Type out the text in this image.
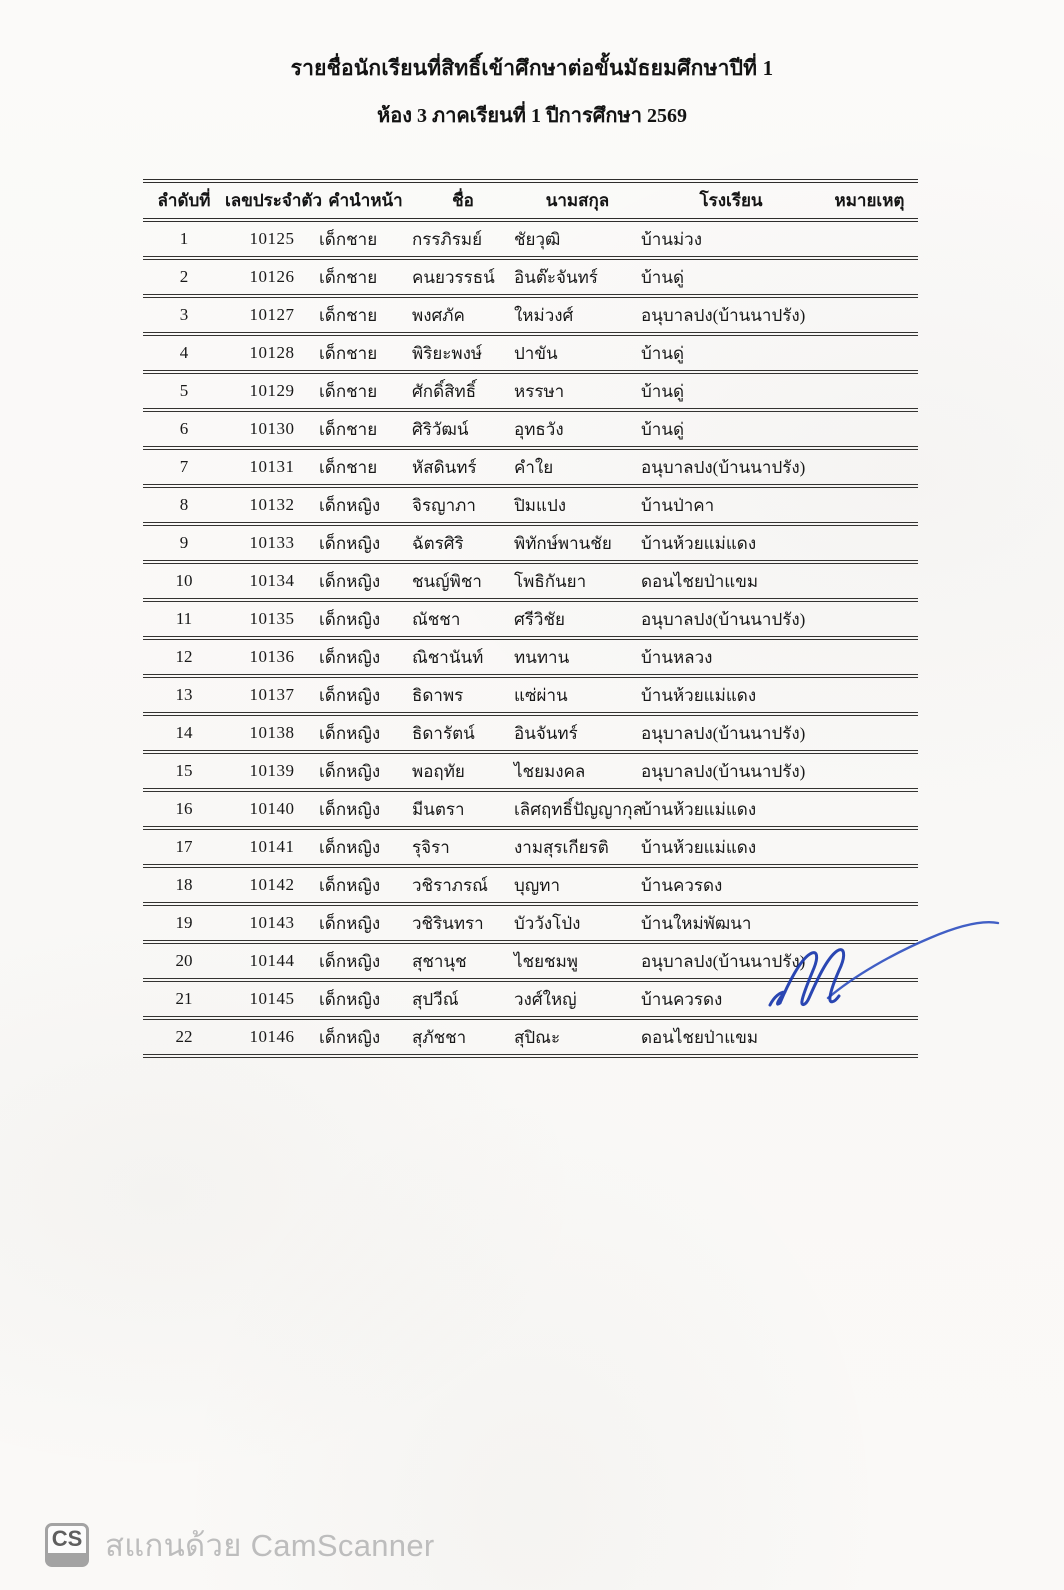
รายชื่อนักเรียนที่สิทธิ์เข้าศึกษาต่อขั้นมัธยมศึกษาปีที่ 1
ห้อง 3 ภาคเรียนที่ 1 ปีการศึกษา 2569
ลำดับที่	เลขประจำตัว	คำนำหน้า	ชื่อ	นามสกุล	โรงเรียน	หมายเหตุ
1	10125	เด็กชาย	กรรภิรมย์	ชัยวุฒิ	บ้านม่วง	
2	10126	เด็กชาย	คนยวรรธน์	อินต๊ะจันทร์	บ้านดู่	
3	10127	เด็กชาย	พงศภัค	ใหม่วงศ์	อนุบาลปง(บ้านนาปรัง)	
4	10128	เด็กชาย	พิริยะพงษ์	ปาขัน	บ้านดู่	
5	10129	เด็กชาย	ศักดิ์สิทธิ์	หรรษา	บ้านดู่	
6	10130	เด็กชาย	ศิริวัฒน์	อุทธวัง	บ้านดู่	
7	10131	เด็กชาย	หัสดินทร์	คำใย	อนุบาลปง(บ้านนาปรัง)	
8	10132	เด็กหญิง	จิรญาภา	ปิมแปง	บ้านป่าคา	
9	10133	เด็กหญิง	ฉัตรศิริ	พิทักษ์พานชัย	บ้านห้วยแม่แดง	
10	10134	เด็กหญิง	ชนญ์พิชา	โพธิกันยา	ดอนไชยป่าแขม	
11	10135	เด็กหญิง	ณัชชา	ศรีวิชัย	อนุบาลปง(บ้านนาปรัง)	
12	10136	เด็กหญิง	ณิชานันท์	ทนทาน	บ้านหลวง	
13	10137	เด็กหญิง	ธิดาพร	แซ่ผ่าน	บ้านห้วยแม่แดง	
14	10138	เด็กหญิง	ธิดารัตน์	อินจันทร์	อนุบาลปง(บ้านนาปรัง)	
15	10139	เด็กหญิง	พอฤทัย	ไชยมงคล	อนุบาลปง(บ้านนาปรัง)	
16	10140	เด็กหญิง	มีนตรา	เลิศฤทธิ์ปัญญากุล	บ้านห้วยแม่แดง	
17	10141	เด็กหญิง	รุจิรา	งามสุรเกียรติ	บ้านห้วยแม่แดง	
18	10142	เด็กหญิง	วชิราภรณ์	บุญทา	บ้านควรดง	
19	10143	เด็กหญิง	วชิรินทรา	บัววังโป่ง	บ้านใหม่พัฒนา	
20	10144	เด็กหญิง	สุชานุช	ไชยชมพู	อนุบาลปง(บ้านนาปรัง)	
21	10145	เด็กหญิง	สุปวีณ์	วงศ์ใหญ่	บ้านควรดง	
22	10146	เด็กหญิง	สุภัชชา	สุปิณะ	ดอนไชยป่าแขม	
CS สแกนด้วย CamScanner
